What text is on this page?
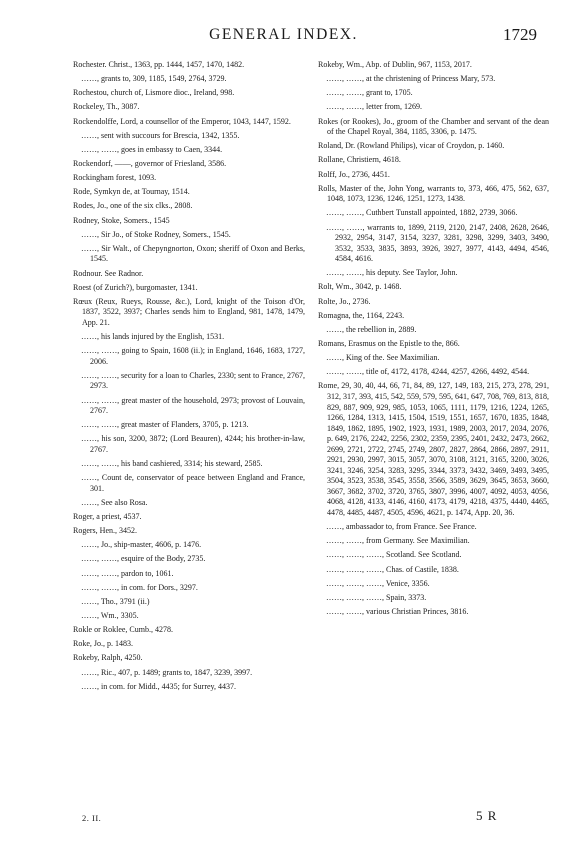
GENERAL INDEX.	1729
Rochester. Christ., 1363, pp. 1444, 1457, 1470, 1482.
……, grants to, 309, 1185, 1549, 2764, 3729.
Rochestou, church of, Lismore dioc., Ireland, 998.
Rockeley, Th., 3087.
Rockendolffe, Lord, a counsellor of the Emperor, 1043, 1447, 1592.
……, sent with succours for Brescia, 1342, 1355.
……, ……, goes in embassy to Caen, 3344.
Rockendorf, ——, governor of Friesland, 3586.
Rockingham forest, 1093.
Rode, Symkyn de, at Tournay, 1514.
Rodes, Jo., one of the six clks., 2808.
Rodney, Stoke, Somers., 1545
……, Sir Jo., of Stoke Rodney, Somers., 1545.
……, Sir Walt., of Chepyngnorton, Oxon; sheriff of Oxon and Berks, 1545.
Rodnour. See Radnor.
Roest (of Zurich?), burgomaster, 1341.
Rœux (Reux, Rueys, Rousse, &c.), Lord, knight of the Toison d'Or, 1837, 3522, 3937; Charles sends him to England, 981, 1478, 1479, App. 21.
……, his lands injured by the English, 1531.
……, ……, going to Spain, 1608 (ii.); in England, 1646, 1683, 1727, 2006.
……, ……, security for a loan to Charles, 2330; sent to France, 2767, 2973.
……, ……, great master of the household, 2973; provost of Louvain, 2767.
……, ……, great master of Flanders, 3705, p. 1213.
……, his son, 3200, 3872; (Lord Beauren), 4244; his brother-in-law, 2767.
……, ……, his band cashiered, 3314; his steward, 2585.
……, Count de, conservator of peace between England and France, 301.
……, See also Rosa.
Roger, a priest, 4537.
Rogers, Hen., 3452.
……, Jo., ship-master, 4606, p. 1476.
……, ……, esquire of the Body, 2735.
……, ……, pardon to, 1061.
……, ……, in com. for Dors., 3297.
……, Tho., 3791 (ii.)
……, Wm., 3305.
Rokle or Roklee, Cumb., 4278.
Roke, Jo., p. 1483.
Rokeby, Ralph, 4250.
……, Ric., 407, p. 1489; grants to, 1847, 3239, 3997.
……, in com. for Midd., 4435; for Surrey, 4437.
Rokeby, Wm., Abp. of Dublin, 967, 1153, 2017.
……, ……, at the christening of Princess Mary, 573.
……, ……, grant to, 1705.
……, ……, letter from, 1269.
Rokes (or Rookes), Jo., groom of the Chamber and servant of the dean of the Chapel Royal, 384, 1185, 3306, p. 1475.
Roland, Dr. (Rowland Philips), vicar of Croydon, p. 1460.
Rollane, Christiern, 4618.
Rolff, Jo., 2736, 4451.
Rolls, Master of the, John Yong, warrants to, 373, 466, 475, 562, 637, 1048, 1073, 1236, 1246, 1251, 1273, 1438.
……, ……, Cuthbert Tunstall appointed, 1882, 2739, 3066.
……, ……, warrants to, 1899, 2119, 2120, 2147, 2408, 2628, 2646, 2932, 2954, 3147, 3154, 3237, 3281, 3298, 3299, 3403, 3490, 3532, 3533, 3835, 3893, 3926, 3927, 3977, 4143, 4494, 4546, 4584, 4616.
……, ……, his deputy. See Taylor, John.
Rolt, Wm., 3042, p. 1468.
Rolte, Jo., 2736.
Romagna, the, 1164, 2243.
……, the rebellion in, 2889.
Romans, Erasmus on the Epistle to the, 866.
……, King of the. See Maximilian.
……, ……, title of, 4172, 4178, 4244, 4257, 4266, 4492, 4544.
Rome, 29, 30, 40, 44, 66, 71, 84, 89, 127, 149, 183, 215, 273, 278, 291, 312, 317, 393, 415, 542, 559, 579, 595, 641, 647, 708, 769, 813, 818, 829, 887, 909, 929, 985, 1053, 1065, 1111, 1179, 1216, 1224, 1265, 1266, 1284, 1313, 1415, 1504, 1519, 1551, 1657, 1670, 1835, 1848, 1849, 1862, 1895, 1902, 1923, 1931, 1989, 2003, 2017, 2034, 2076, p. 649, 2176, 2242, 2256, 2302, 2359, 2395, 2401, 2432, 2473, 2662, 2699, 2721, 2722, 2745, 2749, 2807, 2827, 2864, 2866, 2897, 2911, 2921, 2930, 2997, 3015, 3057, 3070, 3108, 3121, 3165, 3200, 3026, 3241, 3246, 3254, 3283, 3295, 3344, 3373, 3432, 3469, 3493, 3495, 3504, 3523, 3538, 3545, 3558, 3566, 3589, 3629, 3645, 3653, 3660, 3667, 3682, 3702, 3720, 3765, 3807, 3996, 4007, 4092, 4053, 4056, 4068, 4128, 4133, 4146, 4160, 4173, 4179, 4218, 4375, 4440, 4465, 4478, 4485, 4487, 4505, 4596, 4621, p. 1474, App. 20, 36.
……, ambassador to, from France. See France.
……, ……, from Germany. See Maximilian.
……, ……, ……, Scotland. See Scotland.
……, ……, ……, Chas. of Castile, 1838.
……, ……, ……, Venice, 3356.
……, ……, ……, Spain, 3373.
……, ……, various Christian Princes, 3816.
2. II.	5 R
